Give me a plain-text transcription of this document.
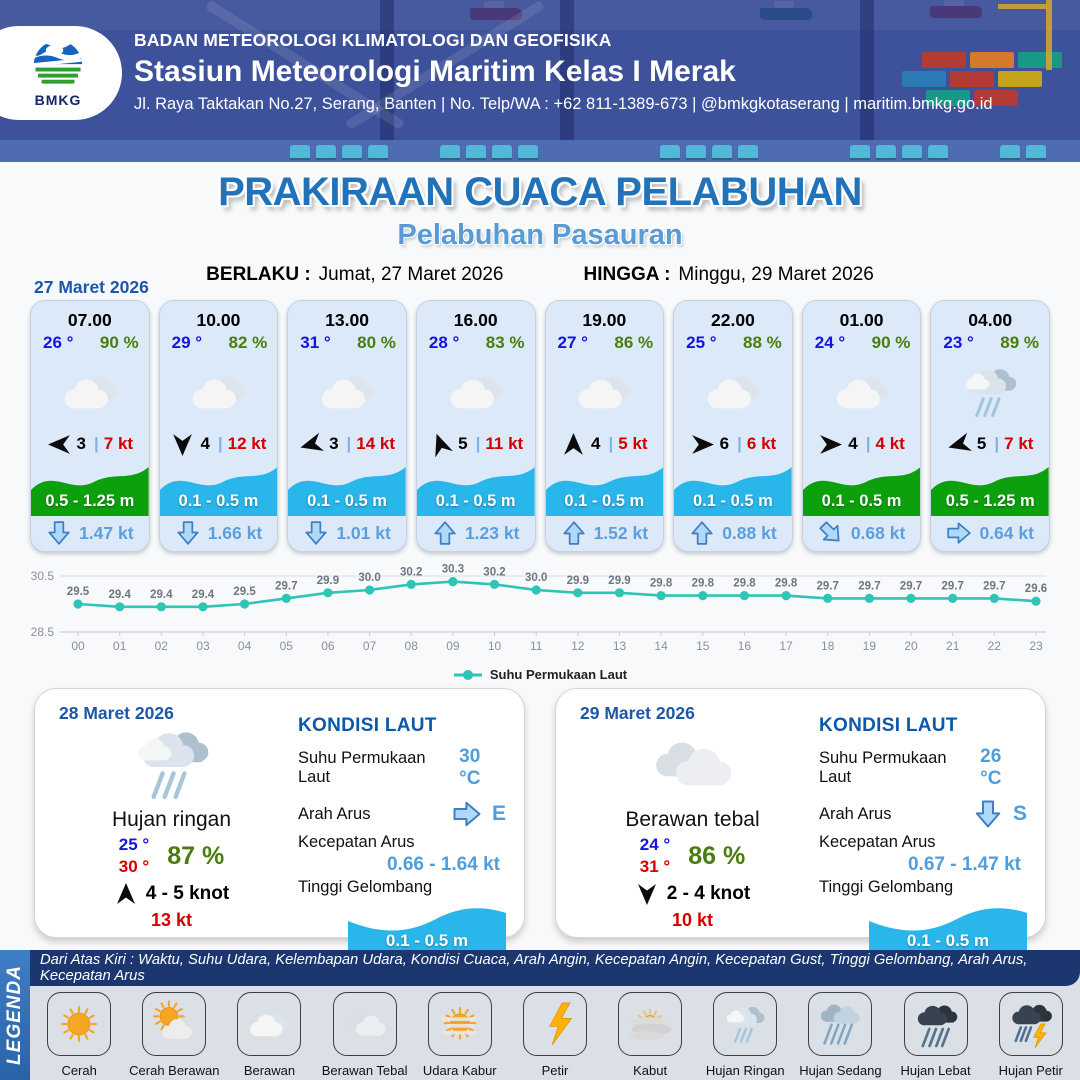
BMKG
BADAN METEOROLOGI KLIMATOLOGI DAN GEOFISIKA
Stasiun Meteorologi Maritim Kelas I Merak
Jl. Raya Taktakan No.27, Serang, Banten | No. Telp/WA : +62 811-1389-673 | @bmkgkotaserang | maritim.bmkg.go.id
PRAKIRAAN CUACA PELABUHAN
Pelabuhan Pasauran
BERLAKU : Jumat, 27 Maret 2026	HINGGA : Minggu, 29 Maret 2026
27 Maret 2026
07.00
26 ° 90 %
3 | 7 kt
0.5 - 1.25 m
1.47 kt
10.00
29 ° 82 %
4 | 12 kt
0.1 - 0.5 m
1.66 kt
13.00
31 ° 80 %
3 | 14 kt
0.1 - 0.5 m
1.01 kt
16.00
28 ° 83 %
5 | 11 kt
0.1 - 0.5 m
1.23 kt
19.00
27 ° 86 %
4 | 5 kt
0.1 - 0.5 m
1.52 kt
22.00
25 ° 88 %
6 | 6 kt
0.1 - 0.5 m
0.88 kt
01.00
24 ° 90 %
4 | 4 kt
0.1 - 0.5 m
0.68 kt
04.00
23 ° 89 %
5 | 7 kt
0.5 - 1.25 m
0.64 kt
30.5
28.5
29.5
00
29.4
01
29.4
02
29.4
03
29.5
04
29.7
05
29.9
06
30.0
07
30.2
08
30.3
09
30.2
10
30.0
11
29.9
12
29.9
13
29.8
14
29.8
15
29.8
16
29.8
17
29.7
18
29.7
19
29.7
20
29.7
21
29.7
22
29.6
23
Suhu Permukaan Laut
28 Maret 2026
Hujan ringan
25 °
30 ° 87 %
4 - 5 knot
13 kt
KONDISI LAUT
Suhu Permukaan Laut
30 °C
Arah Arus	E
Kecepatan Arus
0.66 - 1.64 kt
Tinggi Gelombang
0.1 - 0.5 m
29 Maret 2026
Berawan tebal
24 °
31 ° 86 %
2 - 4 knot
10 kt
KONDISI LAUT
Suhu Permukaan Laut
26 °C
Arah Arus	S
Kecepatan Arus
0.67 - 1.47 kt
Tinggi Gelombang
0.1 - 0.5 m
Dari Atas Kiri : Waktu, Suhu Udara, Kelembapan Udara, Kondisi Cuaca, Arah Angin, Kecepatan Angin, Kecepatan Gust, Tinggi Gelombang, Arah Arus, Kecepatan Arus
LEGENDA
Cerah Cerah Berawan Berawan Berawan Tebal Udara Kabur	Petir	Kabut	Hujan Ringan Hujan Sedang Hujan Lebat Hujan Petir
